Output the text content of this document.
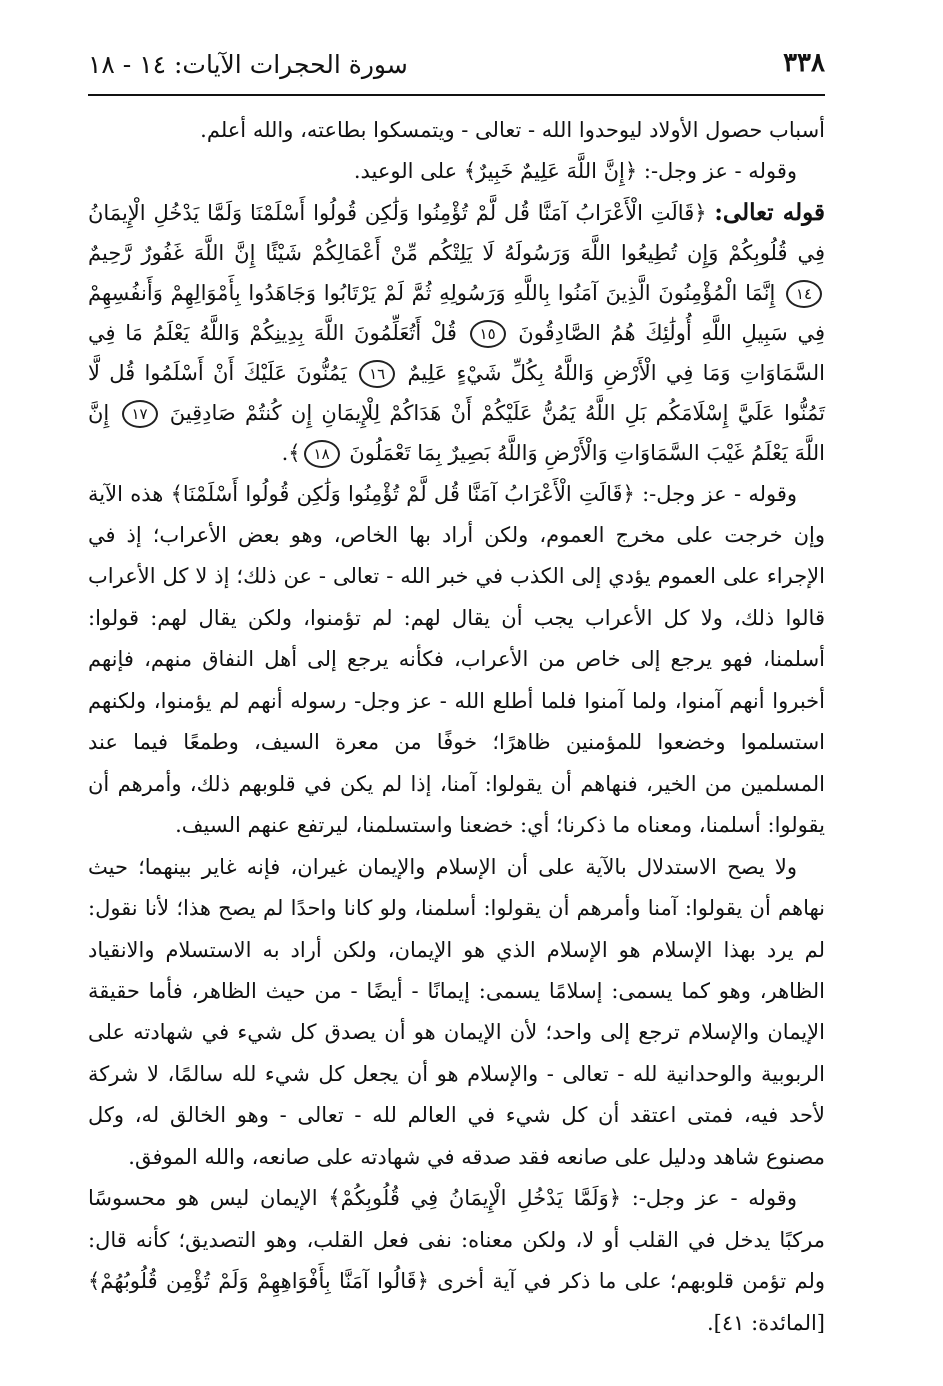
٣٣٨
سورة الحجرات الآيات: ١٤ - ١٨

أسباب حصول الأولاد ليوحدوا الله - تعالى - ويتمسكوا بطاعته، والله أعلم.

وقوله - عز وجل-: ﴿إِنَّ اللَّهَ عَلِيمٌ خَبِيرٌ﴾ على الوعيد.

قوله تعالى: ﴿قَالَتِ الْأَعْرَابُ آمَنَّا قُل لَّمْ تُؤْمِنُوا وَلَٰكِن قُولُوا أَسْلَمْنَا وَلَمَّا يَدْخُلِ الْإِيمَانُ فِي قُلُوبِكُمْ وَإِن تُطِيعُوا اللَّهَ وَرَسُولَهُ لَا يَلِتْكُم مِّنْ أَعْمَالِكُمْ شَيْئًا إِنَّ اللَّهَ غَفُورٌ رَّحِيمٌ ١٤ إِنَّمَا الْمُؤْمِنُونَ الَّذِينَ آمَنُوا بِاللَّهِ وَرَسُولِهِ ثُمَّ لَمْ يَرْتَابُوا وَجَاهَدُوا بِأَمْوَالِهِمْ وَأَنفُسِهِمْ فِي سَبِيلِ اللَّهِ أُولَٰئِكَ هُمُ الصَّادِقُونَ ١٥ قُلْ أَتُعَلِّمُونَ اللَّهَ بِدِينِكُمْ وَاللَّهُ يَعْلَمُ مَا فِي السَّمَاوَاتِ وَمَا فِي الْأَرْضِ وَاللَّهُ بِكُلِّ شَيْءٍ عَلِيمٌ ١٦ يَمُنُّونَ عَلَيْكَ أَنْ أَسْلَمُوا قُل لَّا تَمُنُّوا عَلَيَّ إِسْلَامَكُم بَلِ اللَّهُ يَمُنُّ عَلَيْكُمْ أَنْ هَدَاكُمْ لِلْإِيمَانِ إِن كُنتُمْ صَادِقِينَ ١٧ إِنَّ اللَّهَ يَعْلَمُ غَيْبَ السَّمَاوَاتِ وَالْأَرْضِ وَاللَّهُ بَصِيرٌ بِمَا تَعْمَلُونَ ١٨﴾.

وقوله - عز وجل-: ﴿قَالَتِ الْأَعْرَابُ آمَنَّا قُل لَّمْ تُؤْمِنُوا وَلَٰكِن قُولُوا أَسْلَمْنَا﴾ هذه الآية وإن خرجت على مخرج العموم، ولكن أراد بها الخاص، وهو بعض الأعراب؛ إذ في الإجراء على العموم يؤدي إلى الكذب في خبر الله - تعالى - عن ذلك؛ إذ لا كل الأعراب قالوا ذلك، ولا كل الأعراب يجب أن يقال لهم: لم تؤمنوا، ولكن يقال لهم: قولوا: أسلمنا، فهو يرجع إلى خاص من الأعراب، فكأنه يرجع إلى أهل النفاق منهم، فإنهم أخبروا أنهم آمنوا، ولما آمنوا فلما أطلع الله - عز وجل- رسوله أنهم لم يؤمنوا، ولكنهم استسلموا وخضعوا للمؤمنين ظاهرًا؛ خوفًا من معرة السيف، وطمعًا فيما عند المسلمين من الخير، فنهاهم أن يقولوا: آمنا، إذا لم يكن في قلوبهم ذلك، وأمرهم أن يقولوا: أسلمنا، ومعناه ما ذكرنا؛ أي: خضعنا واستسلمنا، ليرتفع عنهم السيف.

ولا يصح الاستدلال بالآية على أن الإسلام والإيمان غيران، فإنه غاير بينهما؛ حيث نهاهم أن يقولوا: آمنا وأمرهم أن يقولوا: أسلمنا، ولو كانا واحدًا لم يصح هذا؛ لأنا نقول: لم يرد بهذا الإسلام هو الإسلام الذي هو الإيمان، ولكن أراد به الاستسلام والانقياد الظاهر، وهو كما يسمى: إسلامًا يسمى: إيمانًا - أيضًا - من حيث الظاهر، فأما حقيقة الإيمان والإسلام ترجع إلى واحد؛ لأن الإيمان هو أن يصدق كل شيء في شهادته على الربوبية والوحدانية لله - تعالى - والإسلام هو أن يجعل كل شيء لله سالمًا، لا شركة لأحد فيه، فمتى اعتقد أن كل شيء في العالم لله - تعالى - وهو الخالق له، وكل مصنوع شاهد ودليل على صانعه فقد صدقه في شهادته على صانعه، والله الموفق.

وقوله - عز وجل-: ﴿وَلَمَّا يَدْخُلِ الْإِيمَانُ فِي قُلُوبِكُمْ﴾ الإيمان ليس هو محسوسًا مركبًا يدخل في القلب أو لا، ولكن معناه: نفى فعل القلب، وهو التصديق؛ كأنه قال: ولم تؤمن قلوبهم؛ على ما ذكر في آية أخرى ﴿قَالُوا آمَنَّا بِأَفْوَاهِهِمْ وَلَمْ تُؤْمِن قُلُوبُهُمْ﴾ [المائدة: ٤١].
